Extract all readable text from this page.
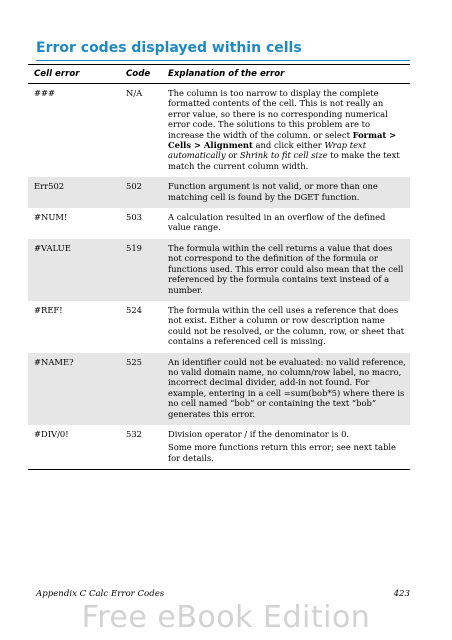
Error codes displayed within cells
Cell error	Code	Explanation of the error
###	N/A	The column is too narrow to display the complete formatted contents of the cell. This is not really an error value, so there is no corresponding numerical error code. The solutions to this problem are to increase the width of the column. or select Format > Cells > Alignment and click either Wrap text automatically or Shrink to fit cell size to make the text match the current column width.

Err502	502	Function argument is not valid, or more than one matching cell is found by the DGET function.

#NUM!	503	A calculation resulted in an overflow of the defined value range.

#VALUE	519	The formula within the cell returns a value that does not correspond to the definition of the formula or functions used. This error could also mean that the cell referenced by the formula contains text instead of a number.

#REF!	524	The formula within the cell uses a reference that does not exist. Either a column or row description name could not be resolved, or the column, row, or sheet that contains a referenced cell is missing.

#NAME?	525	An identifier could not be evaluated: no valid reference, no valid domain name, no column/row label, no macro, incorrect decimal divider, add-in not found. For example, entering in a cell =sum(bob*5) where there is no cell named “bob” or containing the text “bob” generates this error.

#DIV/0!	532	Division operator / if the denominator is 0.
Some more functions return this error; see next table for details.
Appendix C Calc Error Codes	423
Free eBook Edition
